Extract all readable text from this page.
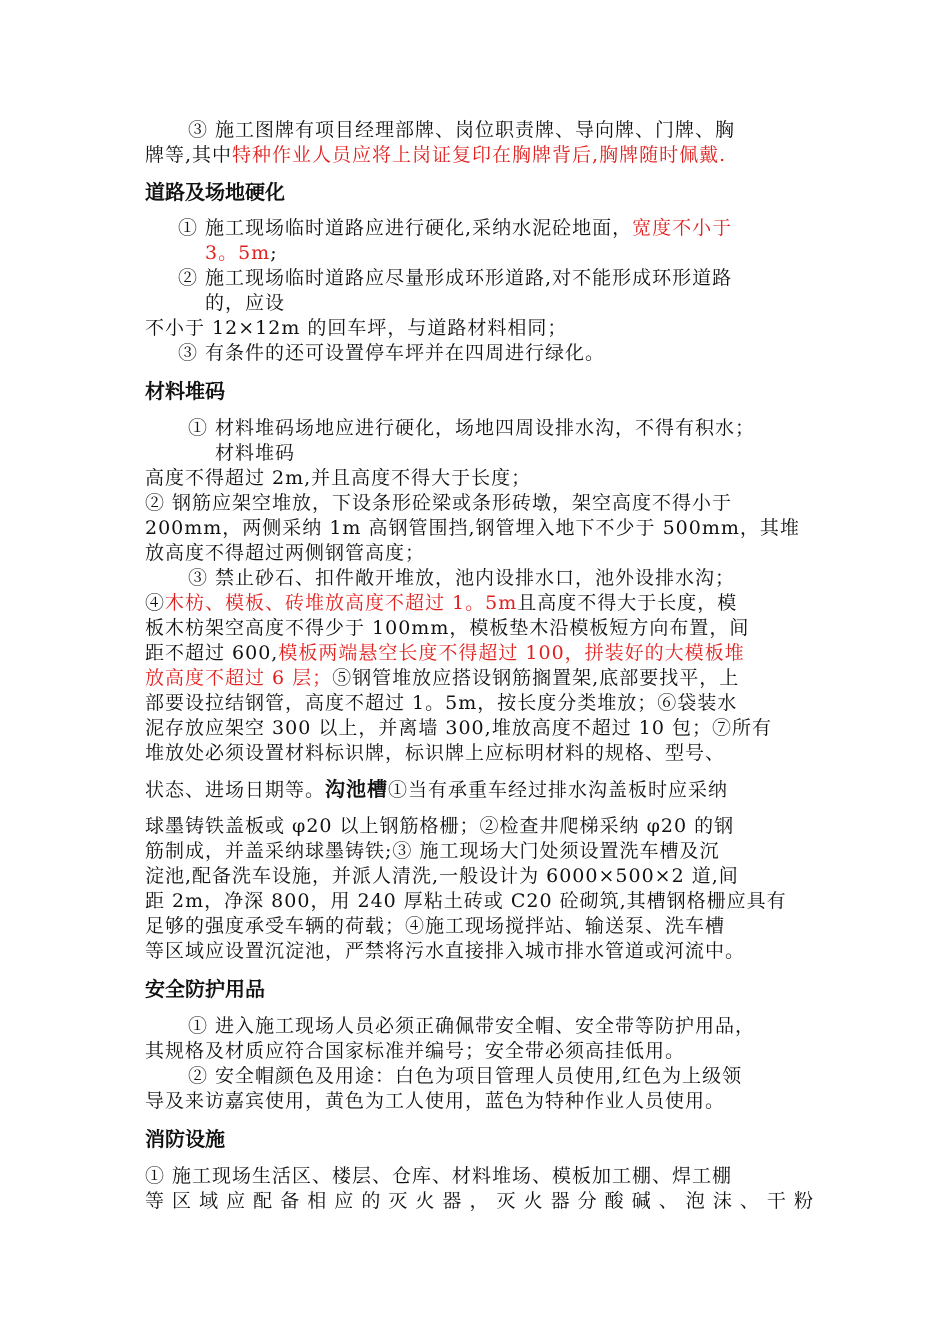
③ 施工图牌有项目经理部牌、岗位职责牌、导向牌、门牌、胸
牌等,其中特种作业人员应将上岗证复印在胸牌背后,胸牌随时佩戴.
道路及场地硬化
① 施工现场临时道路应进行硬化,采纳水泥砼地面，宽度不小于
3。5m;
② 施工现场临时道路应尽量形成环形道路,对不能形成环形道路
的，应设
不小于 12×12m 的回车坪，与道路材料相同；
③ 有条件的还可设置停车坪并在四周进行绿化。
材料堆码
① 材料堆码场地应进行硬化，场地四周设排水沟，不得有积水；
材料堆码
高度不得超过 2m,并且高度不得大于长度；
② 钢筋应架空堆放，下设条形砼梁或条形砖墩，架空高度不得小于
200mm，两侧采纳 1m 高钢管围挡,钢管埋入地下不少于 500mm，其堆
放高度不得超过两侧钢管高度；
③ 禁止砂石、扣件敞开堆放，池内设排水口，池外设排水沟；
④木枋、模板、砖堆放高度不超过 1。5m且高度不得大于长度，模
板木枋架空高度不得少于 100mm，模板垫木沿模板短方向布置，间
距不超过 600,模板两端悬空长度不得超过 100，拼装好的大模板堆
放高度不超过 6 层；⑤钢管堆放应搭设钢筋搁置架,底部要找平，上
部要设拉结钢管，高度不超过 1。5m，按长度分类堆放；⑥袋装水
泥存放应架空 300 以上，并离墙 300,堆放高度不超过 10 包；⑦所有
堆放处必须设置材料标识牌，标识牌上应标明材料的规格、型号、
状态、进场日期等。沟池槽①当有承重车经过排水沟盖板时应采纳
球墨铸铁盖板或 φ20 以上钢筋格栅；②检查井爬梯采纳 φ20 的钢
筋制成，并盖采纳球墨铸铁;③ 施工现场大门处须设置洗车槽及沉
淀池,配备洗车设施，并派人清洗,一般设计为 6000×500×2 道,间
距 2m，净深 800，用 240 厚粘土砖或 C20 砼砌筑,其槽钢格栅应具有
足够的强度承受车辆的荷载；④施工现场搅拌站、输送泵、洗车槽
等区域应设置沉淀池，严禁将污水直接排入城市排水管道或河流中。
安全防护用品
① 进入施工现场人员必须正确佩带安全帽、安全带等防护用品，
其规格及材质应符合国家标准并编号；安全带必须高挂低用。
② 安全帽颜色及用途：白色为项目管理人员使用,红色为上级领
导及来访嘉宾使用，黄色为工人使用，蓝色为特种作业人员使用。
消防设施
① 施工现场生活区、楼层、仓库、材料堆场、模板加工棚、焊工棚
等 区 域 应 配 备 相 应 的 灭 火 器 ， 灭 火 器 分 酸 碱 、 泡 沫 、 干 粉
